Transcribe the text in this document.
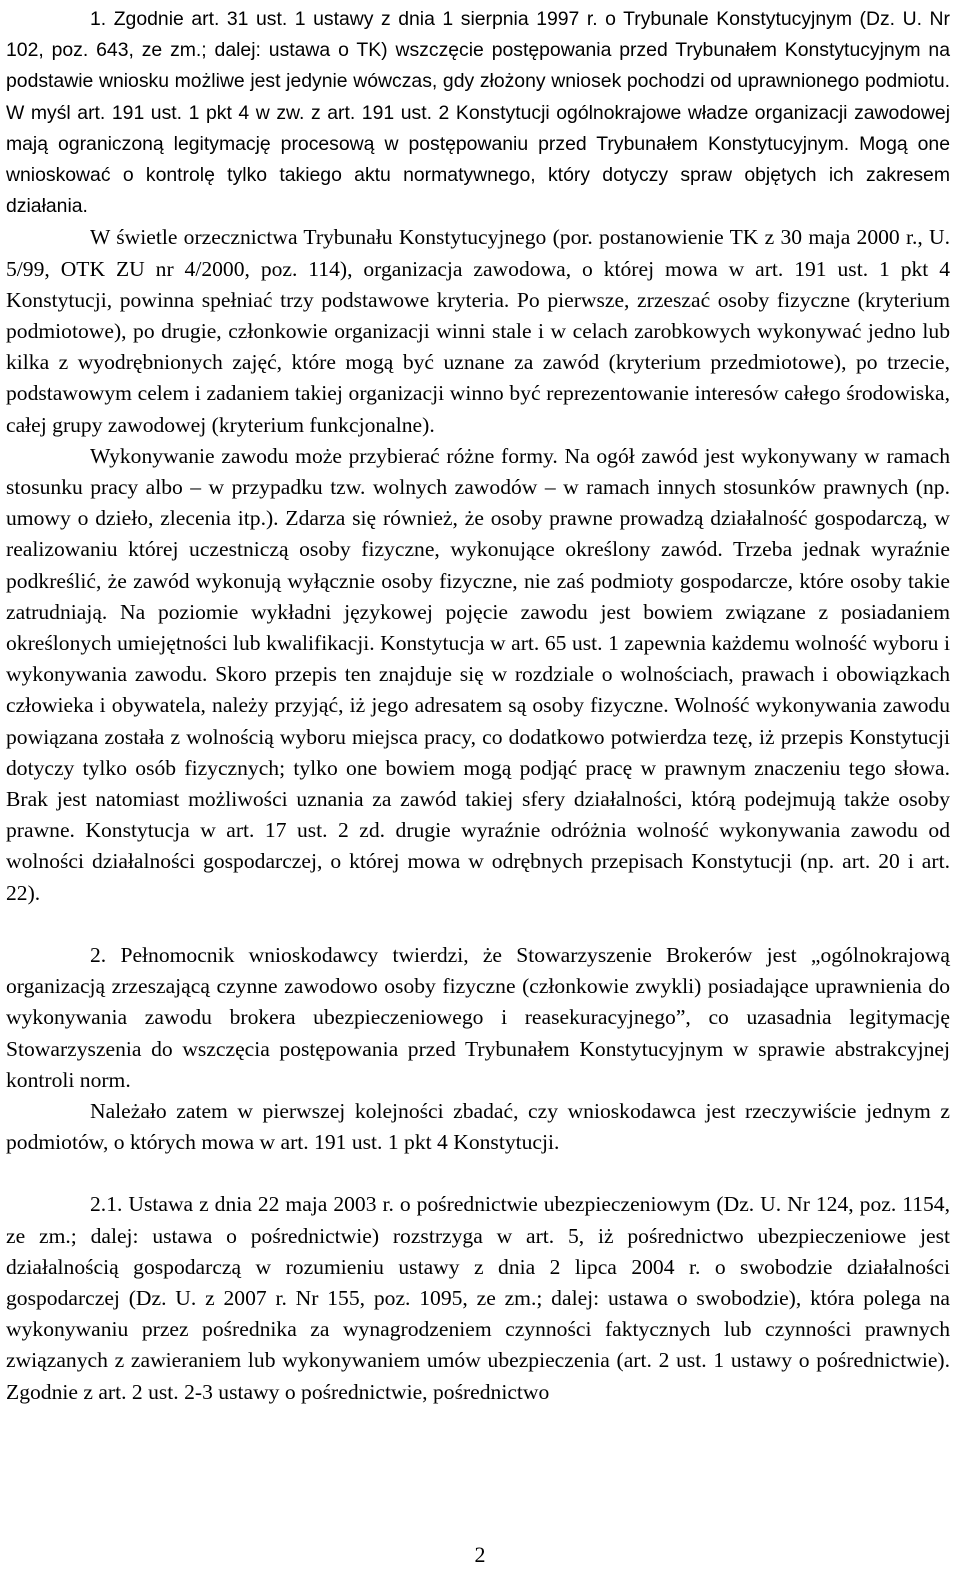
1. Zgodnie art. 31 ust. 1 ustawy z dnia 1 sierpnia 1997 r. o Trybunale Konstytucyjnym (Dz. U. Nr 102, poz. 643, ze zm.; dalej: ustawa o TK) wszczęcie postępowania przed Trybunałem Konstytucyjnym na podstawie wniosku możliwe jest jedynie wówczas, gdy złożony wniosek pochodzi od uprawnionego podmiotu. W myśl art. 191 ust. 1 pkt 4 w zw. z art. 191 ust. 2 Konstytucji ogólnokrajowe władze organizacji zawodowej mają ograniczoną legitymację procesową w postępowaniu przed Trybunałem Konstytucyjnym. Mogą one wnioskować o kontrolę tylko takiego aktu normatywnego, który dotyczy spraw objętych ich zakresem działania.

W świetle orzecznictwa Trybunału Konstytucyjnego (por. postanowienie TK z 30 maja 2000 r., U. 5/99, OTK ZU nr 4/2000, poz. 114), organizacja zawodowa, o której mowa w art. 191 ust. 1 pkt 4 Konstytucji, powinna spełniać trzy podstawowe kryteria. Po pierwsze, zrzeszać osoby fizyczne (kryterium podmiotowe), po drugie, członkowie organizacji winni stale i w celach zarobkowych wykonywać jedno lub kilka z wyodrębnionych zajęć, które mogą być uznane za zawód (kryterium przedmiotowe), po trzecie, podstawowym celem i zadaniem takiej organizacji winno być reprezentowanie interesów całego środowiska, całej grupy zawodowej (kryterium funkcjonalne).

Wykonywanie zawodu może przybierać różne formy. Na ogół zawód jest wykonywany w ramach stosunku pracy albo – w przypadku tzw. wolnych zawodów – w ramach innych stosunków prawnych (np. umowy o dzieło, zlecenia itp.). Zdarza się również, że osoby prawne prowadzą działalność gospodarczą, w realizowaniu której uczestniczą osoby fizyczne, wykonujące określony zawód. Trzeba jednak wyraźnie podkreślić, że zawód wykonują wyłącznie osoby fizyczne, nie zaś podmioty gospodarcze, które osoby takie zatrudniają. Na poziomie wykładni językowej pojęcie zawodu jest bowiem związane z posiadaniem określonych umiejętności lub kwalifikacji. Konstytucja w art. 65 ust. 1 zapewnia każdemu wolność wyboru i wykonywania zawodu. Skoro przepis ten znajduje się w rozdziale o wolnościach, prawach i obowiązkach człowieka i obywatela, należy przyjąć, iż jego adresatem są osoby fizyczne. Wolność wykonywania zawodu powiązana została z wolnością wyboru miejsca pracy, co dodatkowo potwierdza tezę, iż przepis Konstytucji dotyczy tylko osób fizycznych; tylko one bowiem mogą podjąć pracę w prawnym znaczeniu tego słowa. Brak jest natomiast możliwości uznania za zawód takiej sfery działalności, którą podejmują także osoby prawne. Konstytucja w art. 17 ust. 2 zd. drugie wyraźnie odróżnia wolność wykonywania zawodu od wolności działalności gospodarczej, o której mowa w odrębnych przepisach Konstytucji (np. art. 20 i art. 22).

2. Pełnomocnik wnioskodawcy twierdzi, że Stowarzyszenie Brokerów jest „ogólnokrajową organizacją zrzeszającą czynne zawodowo osoby fizyczne (członkowie zwykli) posiadające uprawnienia do wykonywania zawodu brokera ubezpieczeniowego i reasekuracyjnego”, co uzasadnia legitymację Stowarzyszenia do wszczęcia postępowania przed Trybunałem Konstytucyjnym w sprawie abstrakcyjnej kontroli norm.

Należało zatem w pierwszej kolejności zbadać, czy wnioskodawca jest rzeczywiście jednym z podmiotów, o których mowa w art. 191 ust. 1 pkt 4 Konstytucji.

2.1. Ustawa z dnia 22 maja 2003 r. o pośrednictwie ubezpieczeniowym (Dz. U. Nr 124, poz. 1154, ze zm.; dalej: ustawa o pośrednictwie) rozstrzyga w art. 5, iż pośrednictwo ubezpieczeniowe jest działalnością gospodarczą w rozumieniu ustawy z dnia 2 lipca 2004 r. o swobodzie działalności gospodarczej (Dz. U. z 2007 r. Nr 155, poz. 1095, ze zm.; dalej: ustawa o swobodzie), która polega na wykonywaniu przez pośrednika za wynagrodzeniem czynności faktycznych lub czynności prawnych związanych z zawieraniem lub wykonywaniem umów ubezpieczenia (art. 2 ust. 1 ustawy o pośrednictwie). Zgodnie z art. 2 ust. 2-3 ustawy o pośrednictwie, pośrednictwo

2
